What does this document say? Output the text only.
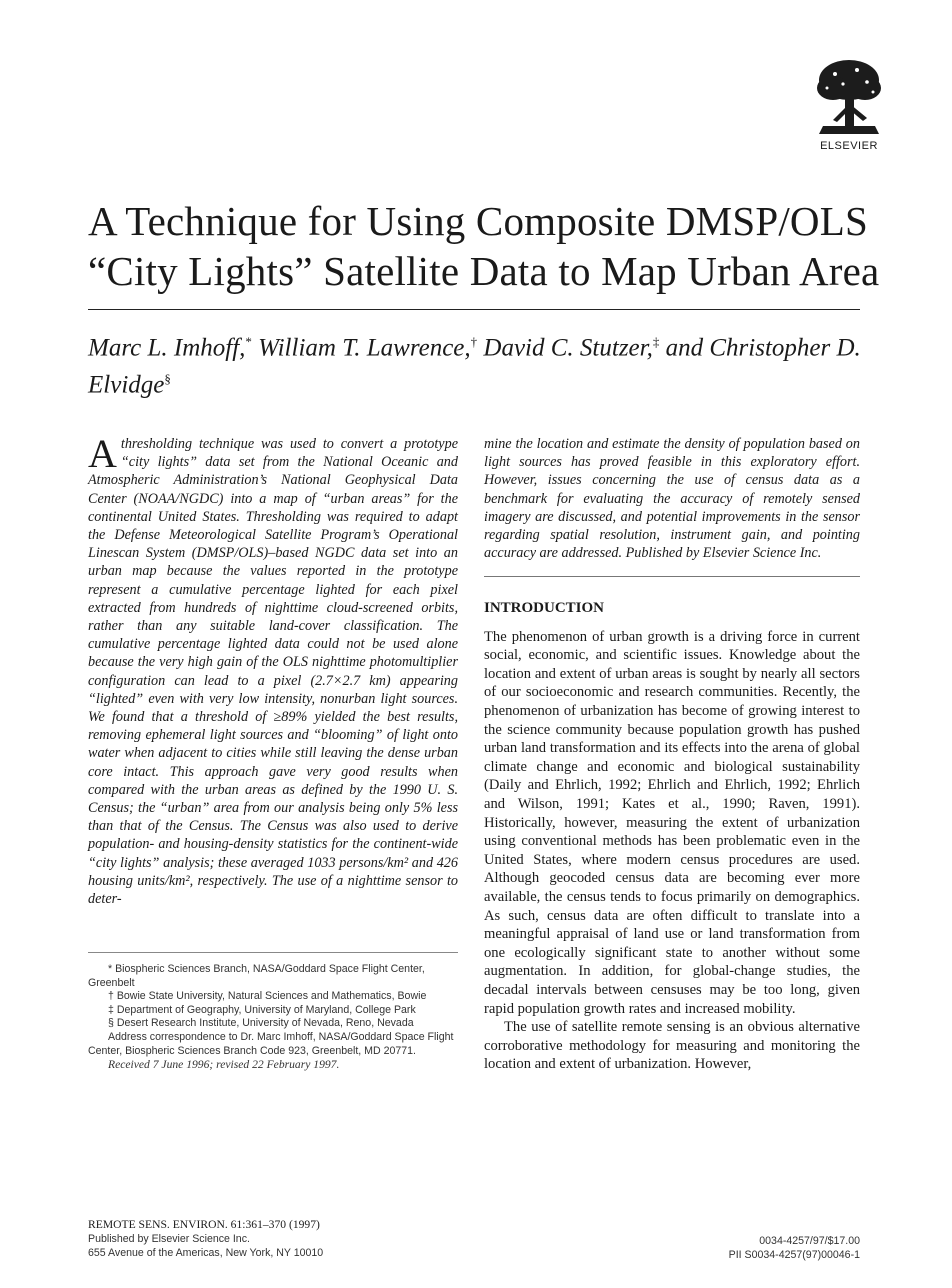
ELSEVIER
A Technique for Using Composite DMSP/OLS
“City Lights” Satellite Data to Map Urban Area
Marc L. Imhoff,* William T. Lawrence,† David C. Stutzer,‡ and Christopher D. Elvidge§

Athresholding technique was used to convert a prototype “city lights” data set from the National Oceanic and Atmospheric Administration’s National Geophysical Data Center (NOAA/NGDC) into a map of “urban areas” for the continental United States. Thresholding was required to adapt the Defense Meteorological Satellite Program’s Operational Linescan System (DMSP/OLS)–based NGDC data set into an urban map because the values reported in the prototype represent a cumulative percentage lighted for each pixel extracted from hundreds of nighttime cloud-screened orbits, rather than any suitable land-cover classification. The cumulative percentage lighted data could not be used alone because the very high gain of the OLS nighttime photomultiplier configuration can lead to a pixel (2.7×2.7 km) appearing “lighted” even with very low intensity, nonurban light sources. We found that a threshold of ≥89% yielded the best results, removing ephemeral light sources and “blooming” of light onto water when adjacent to cities while still leaving the dense urban core intact. This approach gave very good results when compared with the urban areas as defined by the 1990 U. S. Census; the “urban” area from our analysis being only 5% less than that of the Census. The Census was also used to derive population- and housing-density statistics for the continent-wide “city lights” analysis; these averaged 1033 persons/km² and 426 housing units/km², respectively. The use of a nighttime sensor to deter-

mine the location and estimate the density of population based on light sources has proved feasible in this exploratory effort. However, issues concerning the use of census data as a benchmark for evaluating the accuracy of remotely sensed imagery are discussed, and potential improvements in the sensor regarding spatial resolution, instrument gain, and pointing accuracy are addressed. Published by Elsevier Science Inc.

INTRODUCTION

The phenomenon of urban growth is a driving force in current social, economic, and scientific issues. Knowledge about the location and extent of urban areas is sought by nearly all sectors of our socioeconomic and research communities. Recently, the phenomenon of urbanization has become of growing interest to the science community because population growth has pushed urban land transformation and its effects into the arena of global climate change and economic and biological sustainability (Daily and Ehrlich, 1992; Ehrlich and Ehrlich, 1992; Ehrlich and Wilson, 1991; Kates et al., 1990; Raven, 1991). Historically, however, measuring the extent of urbanization using conventional methods has been problematic even in the United States, where modern census procedures are used. Although geocoded census data are becoming ever more available, the census tends to focus primarily on demographics. As such, census data are often difficult to translate into a meaningful appraisal of land use or land transformation from one ecologically significant state to another without some augmentation. In addition, for global-change studies, the decadal intervals between censuses may be too long, given rapid population growth rates and increased mobility.

The use of satellite remote sensing is an obvious alternative corroborative methodology for measuring and monitoring the location and extent of urbanization. However,

* Biospheric Sciences Branch, NASA/Goddard Space Flight Center, Greenbelt

† Bowie State University, Natural Sciences and Mathematics, Bowie

‡ Department of Geography, University of Maryland, College Park

§ Desert Research Institute, University of Nevada, Reno, Nevada

Address correspondence to Dr. Marc Imhoff, NASA/Goddard Space Flight Center, Biospheric Sciences Branch Code 923, Greenbelt, MD 20771.

Received 7 June 1996; revised 22 February 1997.

REMOTE SENS. ENVIRON. 61:361–370 (1997)
Published by Elsevier Science Inc.
655 Avenue of the Americas, New York, NY 10010
0034-4257/97/$17.00
PII S0034-4257(97)00046-1
